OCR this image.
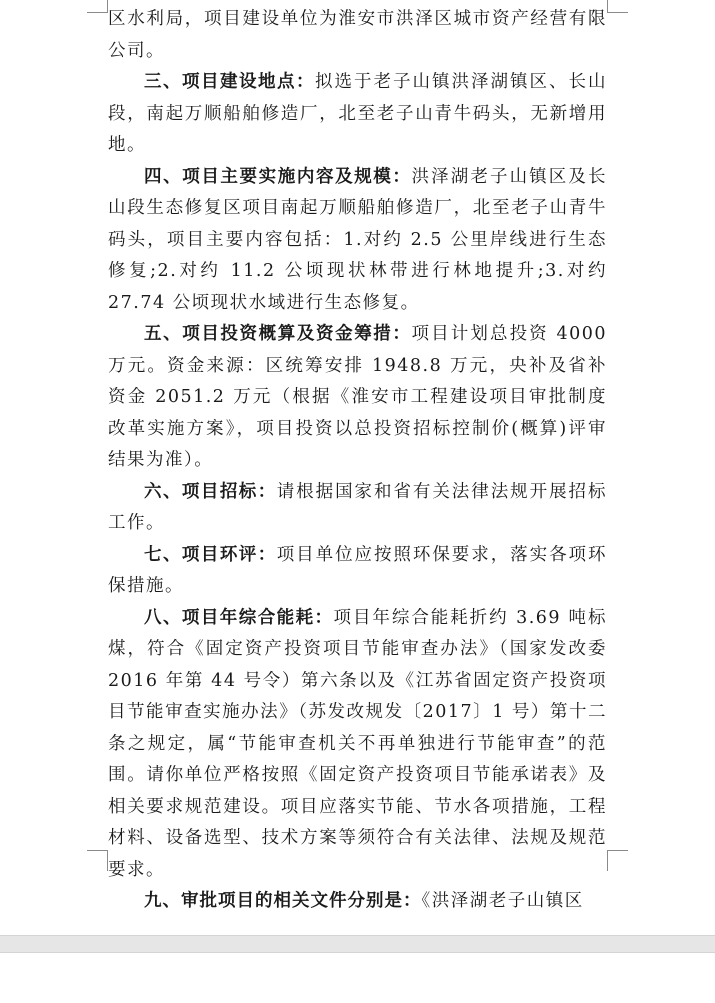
区水利局，项目建设单位为淮安市洪泽区城市资产经营有限公司。

三、项目建设地点：拟选于老子山镇洪泽湖镇区、长山段，南起万顺船舶修造厂，北至老子山青牛码头，无新增用地。

四、项目主要实施内容及规模：洪泽湖老子山镇区及长山段生态修复区项目南起万顺船舶修造厂，北至老子山青牛码头，项目主要内容包括：1.对约 2.5 公里岸线进行生态修复;2.对约 11.2 公顷现状林带进行林地提升;3.对约 27.74 公顷现状水域进行生态修复。

五、项目投资概算及资金筹措：项目计划总投资 4000 万元。资金来源：区统筹安排 1948.8 万元，央补及省补资金 2051.2 万元（根据《淮安市工程建设项目审批制度改革实施方案》，项目投资以总投资招标控制价(概算)评审结果为准）。

六、项目招标：请根据国家和省有关法律法规开展招标工作。

七、项目环评：项目单位应按照环保要求，落实各项环保措施。

八、项目年综合能耗：项目年综合能耗折约 3.69 吨标煤，符合《固定资产投资项目节能审查办法》（国家发改委 2016 年第 44 号令）第六条以及《江苏省固定资产投资项目节能审查实施办法》（苏发改规发〔2017〕1 号）第十二条之规定，属“节能审查机关不再单独进行节能审查”的范围。请你单位严格按照《固定资产投资项目节能承诺表》及相关要求规范建设。项目应落实节能、节水各项措施，工程材料、设备选型、技术方案等须符合有关法律、法规及规范要求。

九、审批项目的相关文件分别是：《洪泽湖老子山镇区
